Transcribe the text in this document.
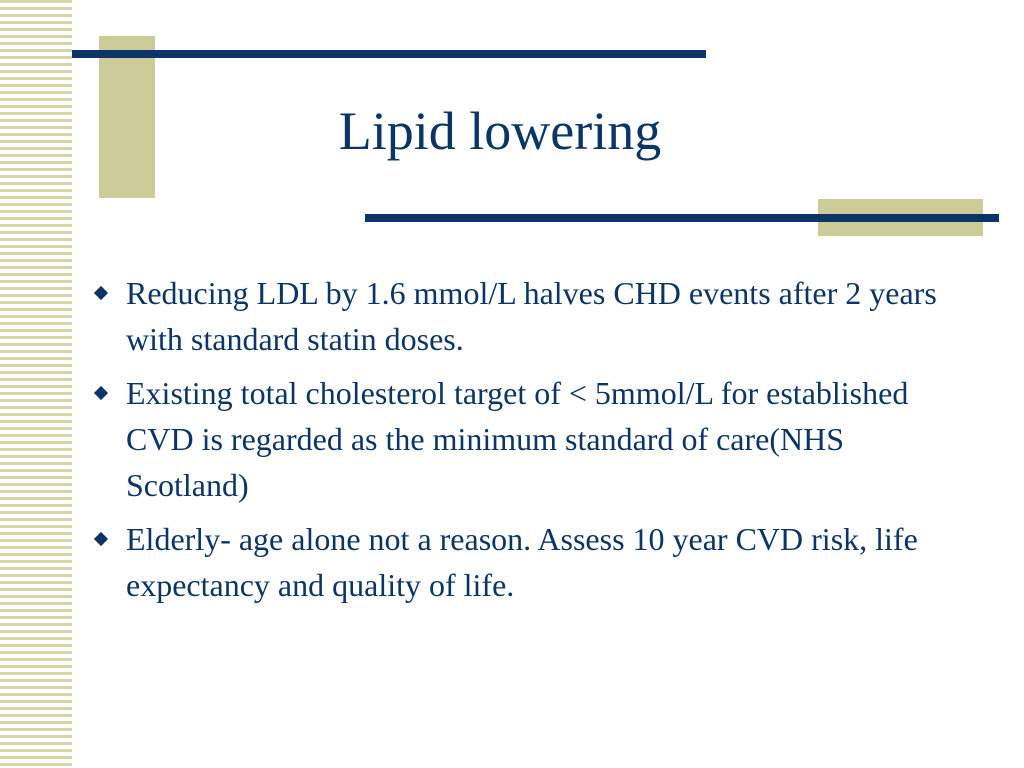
Lipid lowering
Reducing LDL by 1.6 mmol/L halves CHD events after 2 years with standard statin doses.
Existing total cholesterol target of < 5mmol/L for established CVD is regarded as the minimum standard of care(NHS Scotland)
Elderly- age alone not a reason. Assess 10 year CVD risk, life expectancy and quality of life.
